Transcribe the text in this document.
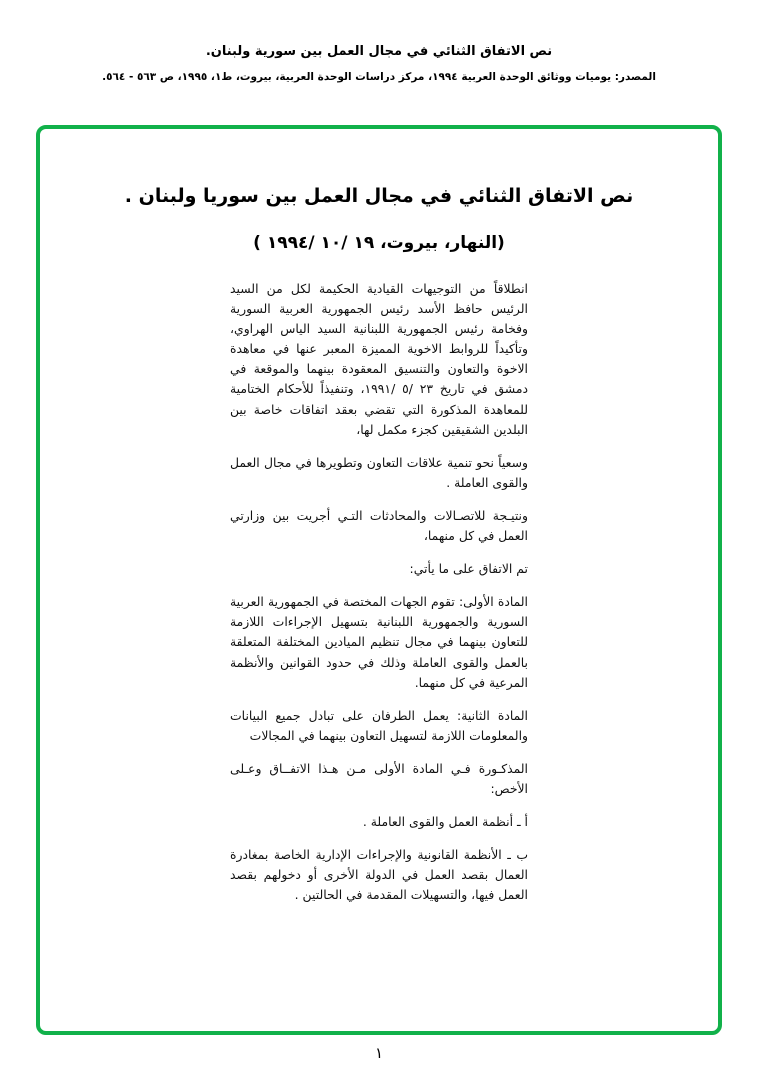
نص الاتفاق الثنائي في مجال العمل بين سورية ولبنان.
المصدر: يوميات ووثائق الوحدة العربية ١٩٩٤، مركز دراسات الوحدة العربية، بيروت، ط١، ١٩٩٥، ص ٥٦٣ - ٥٦٤.
نص الاتفاق الثنائي في مجال العمل بين سوريا ولبنان .
(النهار، بيروت، ١٩ /١٠ /١٩٩٤ )

انطلاقاً من التوجيهات القيادية الحكيمة لكل من السيد الرئيس حافظ الأسد رئيس الجمهورية العربية السورية وفخامة رئيس الجمهورية اللبنانية السيد الياس الهراوي، وتأكيداً للروابط الاخوية المميزة المعبر عنها في معاهدة الاخوة والتعاون والتنسيق المعقودة بينهما والموقعة في دمشق في تاريخ ٢٣ /٥ /١٩٩١، وتنفيذاً للأحكام الختامية للمعاهدة المذكورة التي تقضي بعقد اتفاقات خاصة بين البلدين الشقيقين كجزء مكمل لها،

وسعياً نحو تنمية علاقات التعاون وتطويرها في مجال العمل والقوى العاملة .

ونتيـجة للاتصـالات والمحادثات التـي أجريت بين وزارتي العمل في كل منهما،

تم الاتفاق على ما يأتي:

المادة الأولى: تقوم الجهات المختصة في الجمهورية العربية السورية والجمهورية اللبنانية بتسهيل الإجراءات اللازمة للتعاون بينهما في مجال تنظيم الميادين المختلفة المتعلقة بالعمل والقوى العاملة وذلك في حدود القوانين والأنظمة المرعية في كل منهما.

المادة الثانية: يعمل الطرفان على تبادل جميع البيانات والمعلومات اللازمة لتسهيل التعاون بينهما في المجالات

المذكـورة فـي المادة الأولى مـن هـذا الاتفــاق وعـلى الأخص:

أ ـ أنظمة العمل والقوى العاملة .

ب ـ الأنظمة القانونية والإجراءات الإدارية الخاصة بمغادرة العمال بقصد العمل في الدولة الأخرى أو دخولهم بقصد العمل فيها، والتسهيلات المقدمة في الحالتين .

١
